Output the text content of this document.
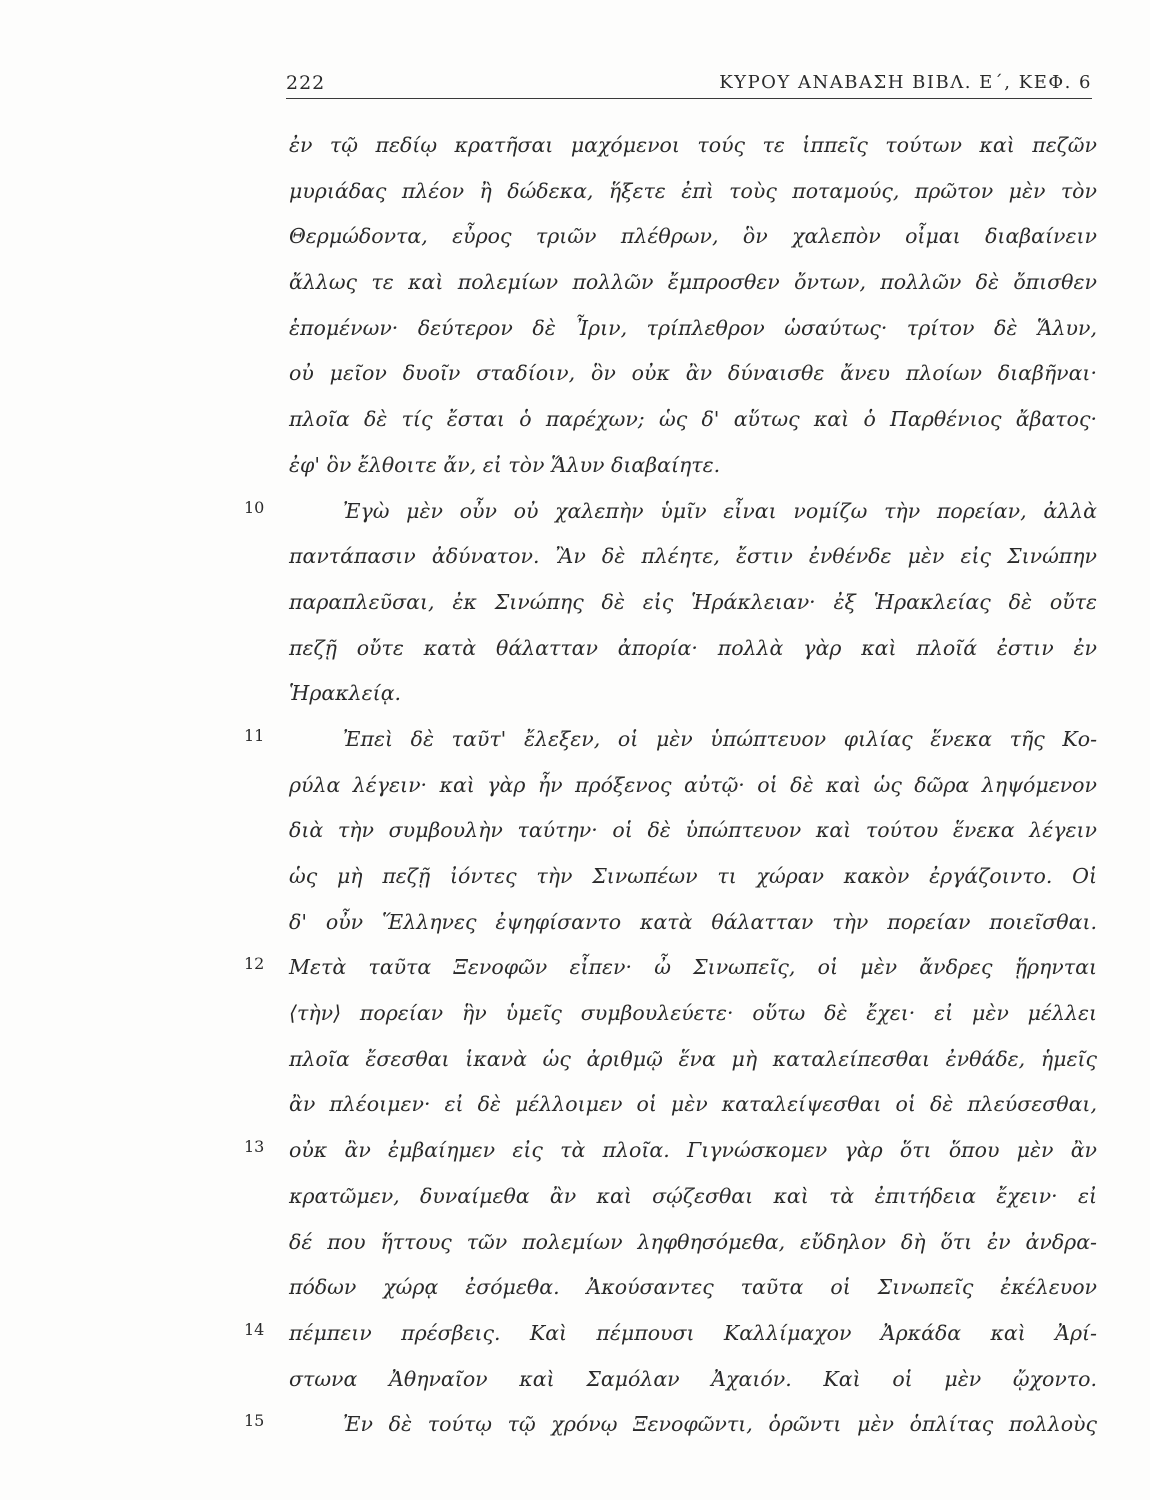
222	ΚΥΡΟΥ ΑΝΑΒΑΣΗ ΒΙΒΛ. Ε΄, ΚΕΦ. 6
ἐν τῷ πεδίῳ κρατῆσαι μαχόμενοι τούς τε ἱππεῖς τούτων καὶ πεζῶν
μυριάδας πλέον ἢ δώδεκα, ἥξετε ἐπὶ τοὺς ποταμούς, πρῶτον μὲν τὸν
Θερμώδοντα, εὖρος τριῶν πλέθρων, ὃν χαλεπὸν οἶμαι διαβαίνειν
ἄλλως τε καὶ πολεμίων πολλῶν ἔμπροσθεν ὄντων, πολλῶν δὲ ὄπισθεν
ἑπομένων· δεύτερον δὲ Ἶριν, τρίπλεθρον ὡσαύτως· τρίτον δὲ Ἅλυν,
οὐ μεῖον δυοῖν σταδίοιν, ὃν οὐκ ἂν δύναισθε ἄνευ πλοίων διαβῆναι·
πλοῖα δὲ τίς ἔσται ὁ παρέχων; ὡς δ' αὕτως καὶ ὁ Παρθένιος ἄβατος·
ἐφ' ὃν ἔλθοιτε ἄν, εἰ τὸν Ἅλυν διαβαίητε.
10	Ἐγὼ μὲν οὖν οὐ χαλεπὴν ὑμῖν εἶναι νομίζω τὴν πορείαν, ἀλλὰ
παντάπασιν ἀδύνατον. Ἂν δὲ πλέητε, ἔστιν ἐνθένδε μὲν εἰς Σινώπην
παραπλεῦσαι, ἐκ Σινώπης δὲ εἰς Ἡράκλειαν· ἐξ Ἡρακλείας δὲ οὔτε
πεζῇ οὔτε κατὰ θάλατταν ἀπορία· πολλὰ γὰρ καὶ πλοῖά ἐστιν ἐν
Ἡρακλείᾳ.
11	Ἐπεὶ δὲ ταῦτ' ἔλεξεν, οἱ μὲν ὑπώπτευον φιλίας ἕνεκα τῆς Κο-
ρύλα λέγειν· καὶ γὰρ ἦν πρόξενος αὐτῷ· οἱ δὲ καὶ ὡς δῶρα ληψόμενον
διὰ τὴν συμβουλὴν ταύτην· οἱ δὲ ὑπώπτευον καὶ τούτου ἕνεκα λέγειν
ὡς μὴ πεζῇ ἰόντες τὴν Σινωπέων τι χώραν κακὸν ἐργάζοιντο. Οἱ
δ' οὖν Ἕλληνες ἐψηφίσαντο κατὰ θάλατταν τὴν πορείαν ποιεῖσθαι.
12 Μετὰ ταῦτα Ξενοφῶν εἶπεν· ὦ Σινωπεῖς, οἱ μὲν ἄνδρες ᾕρηνται
⟨τὴν⟩ πορείαν ἣν ὑμεῖς συμβουλεύετε· οὕτω δὲ ἔχει· εἰ μὲν μέλλει
πλοῖα ἔσεσθαι ἱκανὰ ὡς ἀριθμῷ ἕνα μὴ καταλείπεσθαι ἐνθάδε, ἡμεῖς
ἂν πλέοιμεν· εἰ δὲ μέλλοιμεν οἱ μὲν καταλείψεσθαι οἱ δὲ πλεύσεσθαι,
13 οὐκ ἂν ἐμβαίημεν εἰς τὰ πλοῖα. Γιγνώσκομεν γὰρ ὅτι ὅπου μὲν ἂν
κρατῶμεν, δυναίμεθα ἂν καὶ σῴζεσθαι καὶ τὰ ἐπιτήδεια ἔχειν· εἰ
δέ που ἥττους τῶν πολεμίων ληφθησόμεθα, εὔδηλον δὴ ὅτι ἐν ἀνδρα-
πόδων χώρᾳ ἐσόμεθα. Ἀκούσαντες ταῦτα οἱ Σινωπεῖς ἐκέλευον
14 πέμπειν πρέσβεις. Καὶ πέμπουσι Καλλίμαχον Ἀρκάδα καὶ Ἀρί-
στωνα Ἀθηναῖον καὶ Σαμόλαν Ἀχαιόν. Καὶ οἱ μὲν ᾤχοντο.
15	Ἐν δὲ τούτῳ τῷ χρόνῳ Ξενοφῶντι, ὁρῶντι μὲν ὁπλίτας πολλοὺς
